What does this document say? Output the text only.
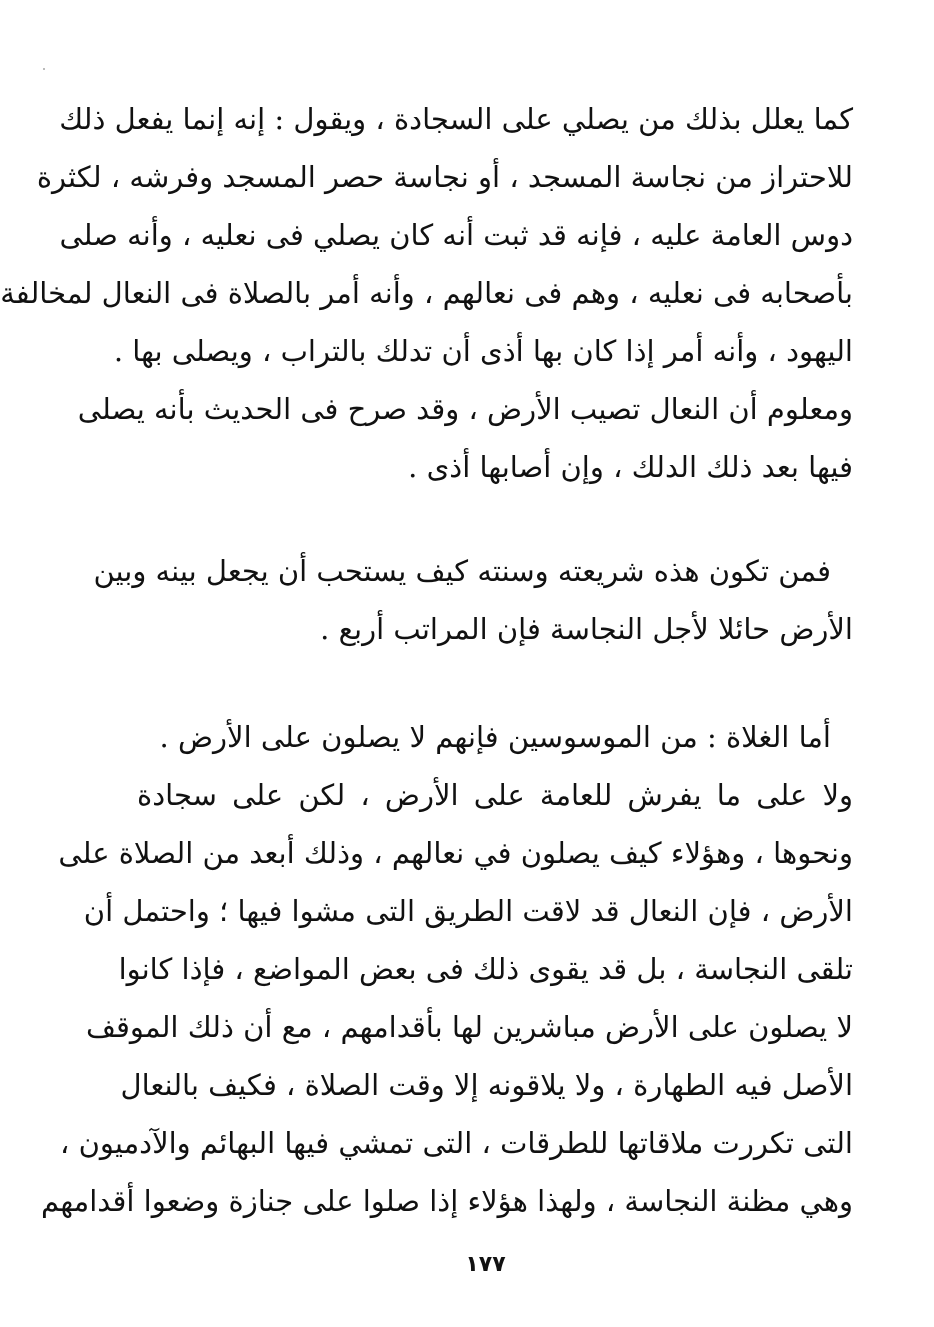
كما يعلل بذلك من يصلي على السجادة ، ويقول : إنه إنما يفعل ذلك
للاحتراز من نجاسة المسجد ، أو نجاسة حصر المسجد وفرشه ، لكثرة
دوس العامة عليه ، فإنه قد ثبت أنه كان يصلي فى نعليه ، وأنه صلى
بأصحابه فى نعليه ، وهم فى نعالهم ، وأنه أمر بالصلاة فى النعال لمخالفة
اليهود ، وأنه أمر إذا كان بها أذى أن تدلك بالتراب ، ويصلى بها .
ومعلوم أن النعال تصيب الأرض ، وقد صرح فى الحديث بأنه يصلى
فيها بعد ذلك الدلك ، وإن أصابها أذى .
فمن تكون هذه شريعته وسنته كيف يستحب أن يجعل بينه وبين
الأرض حائلا لأجل النجاسة فإن المراتب أربع .
أما الغلاة : من الموسوسين فإنهم لا يصلون على الأرض .
ولا على ما يفرش للعامة على الأرض ، لكن على سجادة
ونحوها ، وهؤلاء كيف يصلون في نعالهم ، وذلك أبعد من الصلاة على
الأرض ، فإن النعال قد لاقت الطريق التى مشوا فيها ؛ واحتمل أن
تلقى النجاسة ، بل قد يقوى ذلك فى بعض المواضع ، فإذا كانوا
لا يصلون على الأرض مباشرين لها بأقدامهم ، مع أن ذلك الموقف
الأصل فيه الطهارة ، ولا يلاقونه إلا وقت الصلاة ، فكيف بالنعال
التى تكررت ملاقاتها للطرقات ، التى تمشي فيها البهائم والآدميون ،
وهي مظنة النجاسة ، ولهذا هؤلاء إذا صلوا على جنازة وضعوا أقدامهم
١٧٧
